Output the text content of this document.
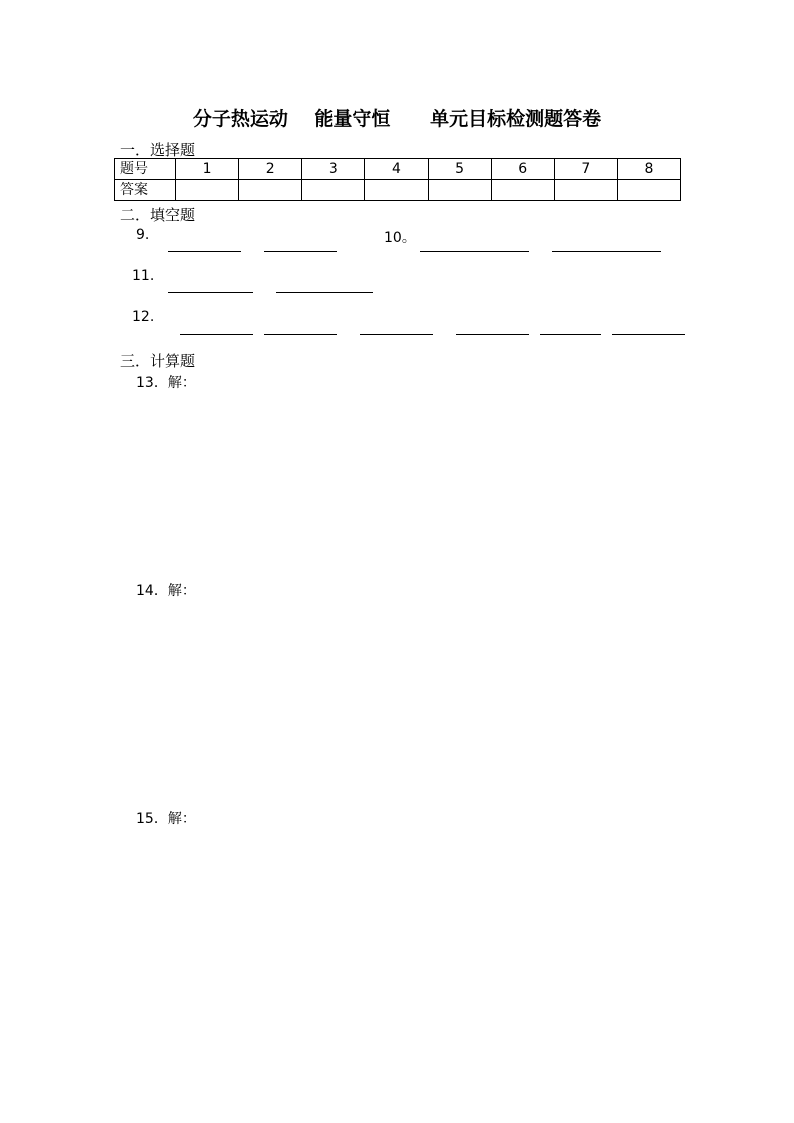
分子热运动    能量守恒      单元目标检测题答卷
一．选择题
题号	1	2	3	4	5	6	7	8
答案								
二．填空题
9.	10。
11.
12.
三．计算题
13．解：
14．解：
15．解：
